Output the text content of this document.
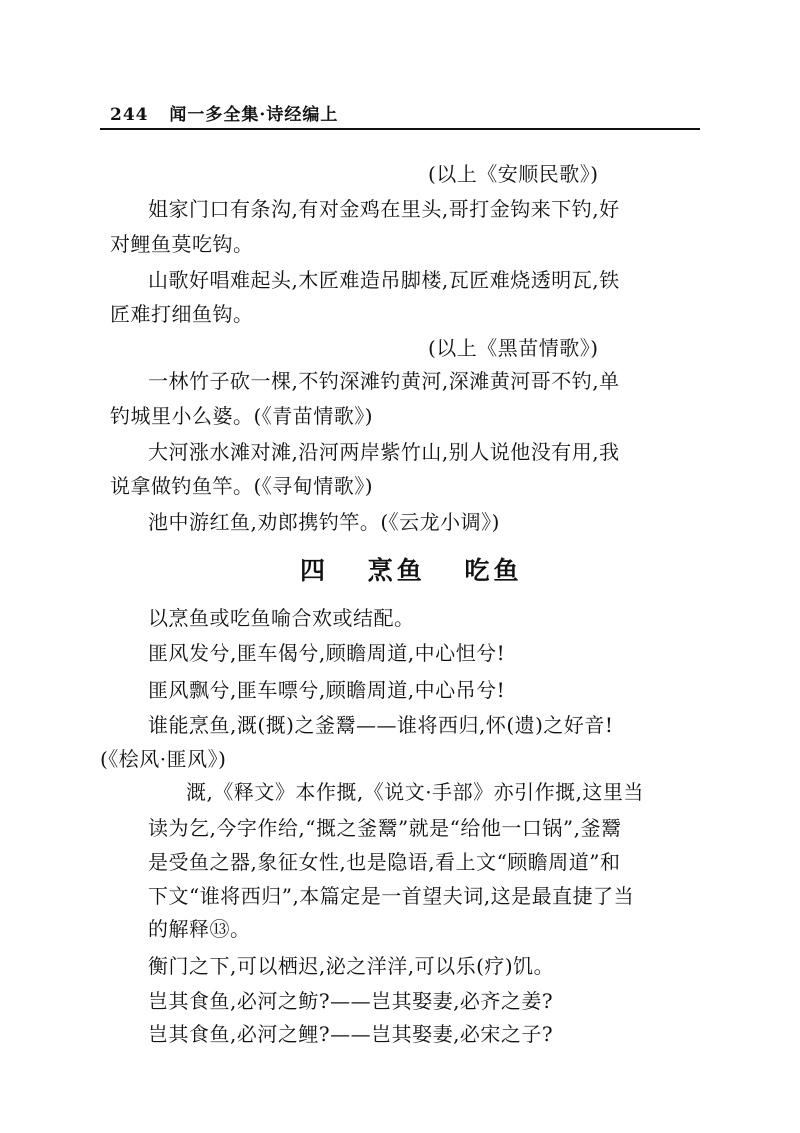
244 闻一多全集·诗经编上
(以上《安顺民歌》)
姐家门口有条沟,有对金鸡在里头,哥打金钩来下钓,好
对鲤鱼莫吃钩。
山歌好唱难起头,木匠难造吊脚楼,瓦匠难烧透明瓦,铁
匠难打细鱼钩。
(以上《黑苗情歌》)
一林竹子砍一棵,不钓深滩钓黄河,深滩黄河哥不钓,单
钓城里小么婆。(《青苗情歌》)
大河涨水滩对滩,沿河两岸紫竹山,别人说他没有用,我
说拿做钓鱼竿。(《寻甸情歌》)
池中游红鱼,劝郎携钓竿。(《云龙小调》)
四 烹鱼 吃鱼
以烹鱼或吃鱼喻合欢或结配。
匪风发兮,匪车偈兮,顾瞻周道,中心怛兮!
匪风飘兮,匪车嘌兮,顾瞻周道,中心吊兮!
谁能烹鱼,溉(摡)之釜鬵——谁将西归,怀(遗)之好音!
(《桧风·匪风》)
溉,《释文》本作摡,《说文·手部》亦引作摡,这里当
读为乞,今字作给,“摡之釜鬵”就是“给他一口锅”,釜鬵
是受鱼之器,象征女性,也是隐语,看上文“顾瞻周道”和
下文“谁将西归”,本篇定是一首望夫词,这是最直捷了当
的解释⑬。
衡门之下,可以栖迟,泌之洋洋,可以乐(疗)饥。
岂其食鱼,必河之鲂?——岂其娶妻,必齐之姜?
岂其食鱼,必河之鲤?——岂其娶妻,必宋之子?
